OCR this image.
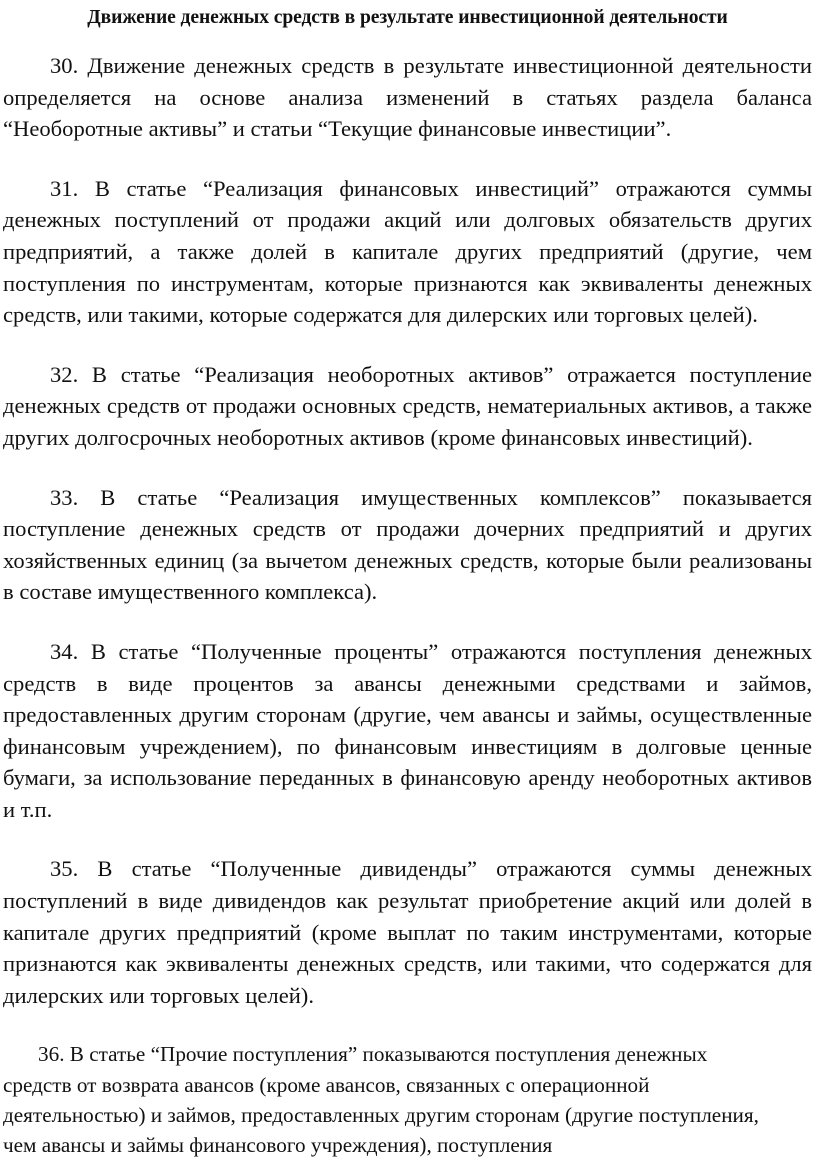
Движение денежных средств в результате инвестиционной деятельности

30. Движение денежных средств в результате инвестиционной деятельности определяется на основе анализа изменений в статьях раздела баланса “Необоротные активы” и статьи “Текущие финансовые инвестиции”.

31. В статье “Реализация финансовых инвестиций” отражаются суммы денежных поступлений от продажи акций или долговых обязательств других предприятий, а также долей в капитале других предприятий (другие, чем поступления по инструментам, которые признаются как эквиваленты денежных средств, или такими, которые содержатся для дилерских или торговых целей).

32. В статье “Реализация необоротных активов” отражается поступление денежных средств от продажи основных средств, нематериальных активов, а также других долгосрочных необоротных активов (кроме финансовых инвестиций).

33. В статье “Реализация имущественных комплексов” показывается поступление денежных средств от продажи дочерних предприятий и других хозяйственных единиц (за вычетом денежных средств, которые были реализованы в составе имущественного комплекса).

34. В статье “Полученные проценты” отражаются поступления денежных средств в виде процентов за авансы денежными средствами и займов, предоставленных другим сторонам (другие, чем авансы и займы, осуществленные финансовым учреждением), по финансовым инвестициям в долговые ценные бумаги, за использование переданных в финансовую аренду необоротных активов и т.п.

35. В статье “Полученные дивиденды” отражаются суммы денежных поступлений в виде дивидендов как результат приобретение акций или долей в капитале других предприятий (кроме выплат по таким инструментами, которые признаются как эквиваленты денежных средств, или такими, что содержатся для дилерских или торговых целей).

36. В статье “Прочие поступления” показываются поступления денежных средств от возврата авансов (кроме авансов, связанных с операционной деятельностью) и займов, предоставленных другим сторонам (другие поступления, чем авансы и займы финансового учреждения), поступления
